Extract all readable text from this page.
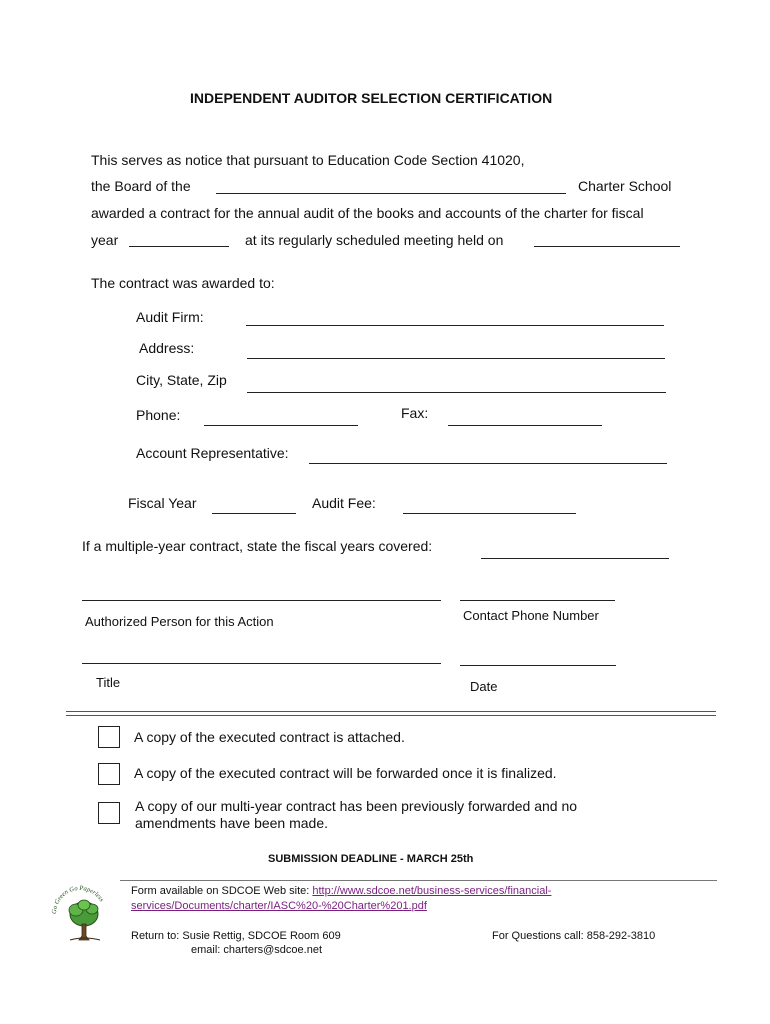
INDEPENDENT AUDITOR SELECTION CERTIFICATION
This serves as notice that pursuant to Education Code Section 41020,
the Board of the	Charter School
awarded a contract for the annual audit of the books and accounts of the charter for fiscal
year	at its regularly scheduled meeting held on
The contract was awarded to:
Audit Firm:
Address:
City, State, Zip
Phone:	Fax:
Account Representative:
Fiscal Year	Audit Fee:
If a multiple-year contract, state the fiscal years covered:
Authorized Person for this Action	Contact Phone Number
Title	Date
A copy of the executed contract is attached.
A copy of the executed contract will be forwarded once it is finalized.
A copy of our multi-year contract has been previously forwarded and no
amendments have been made.
SUBMISSION DEADLINE - MARCH 25th
Go Green Go Paperless
Form available on SDCOE Web site: http://www.sdcoe.net/business-services/financial-
services/Documents/charter/IASC%20-%20Charter%201.pdf
Return to: Susie Rettig, SDCOE Room 609
email: charters@sdcoe.net
For Questions call: 858-292-3810
